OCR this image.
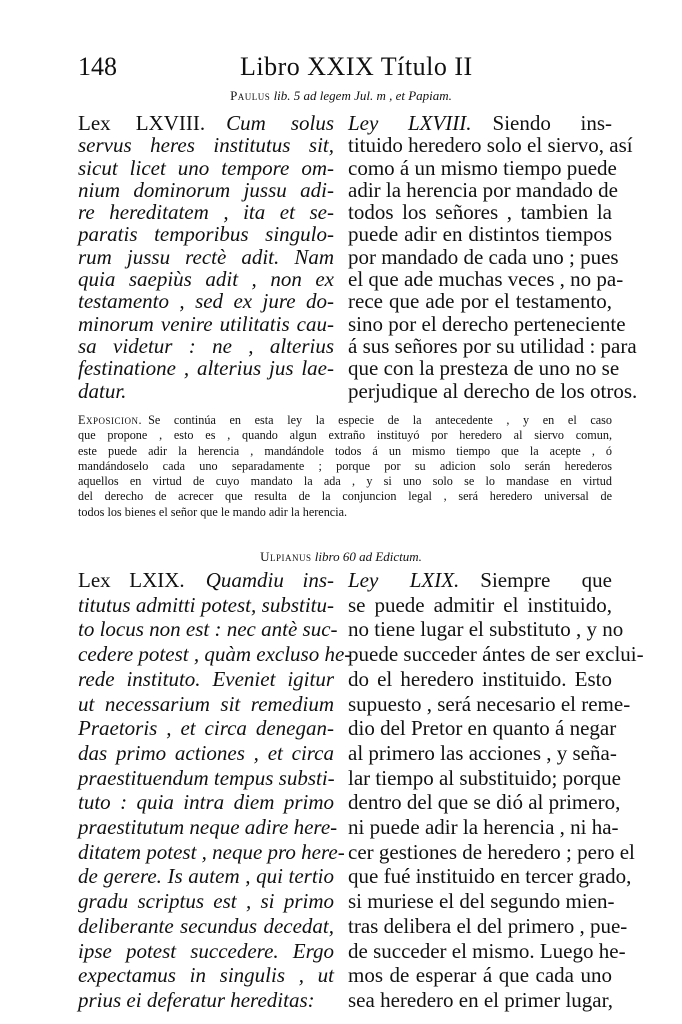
148	Libro XXIX Título II
Paulus lib. 5 ad legem Jul. m , et Papiam.
Lex LXVIII.  Cum solus
servus heres institutus sit,
sicut licet uno tempore om-
nium dominorum jussu adi-
re hereditatem , ita et se-
paratis temporibus singulo-
rum jussu rectè adit. Nam
quia saepiùs adit , non ex
testamento , sed ex jure do-
minorum venire utilitatis cau-
sa videtur : ne , alterius
festinatione , alterius jus lae-
datur.
Ley LXVIII.  Siendo ins-
tituido heredero solo el siervo, así
como á un mismo tiempo puede
adir la herencia por mandado de
todos los señores , tambien la
puede adir en distintos tiempos
por mandado de cada uno ; pues
el que ade muchas veces , no pa-
rece que ade por el testamento,
sino por el derecho perteneciente
á sus señores por su utilidad : para
que con la presteza de uno no se
perjudique al derecho de los otros.
Exposicion.  Se continúa en esta ley la especie de la antecedente , y en el caso
que propone , esto es , quando algun extraño instituyó por heredero al siervo comun,
este puede adir la herencia , mandándole todos á un mismo tiempo que la acepte , ó
mandándoselo cada uno separadamente ; porque por su adicion solo serán herederos
aquellos en virtud de cuyo mandato la ada , y si uno solo se lo mandase en virtud
del derecho de acrecer que resulta de la conjuncion legal , será heredero universal de
todos los bienes el señor que le mando adir la herencia.
Ulpianus libro 60 ad Edictum.
Lex LXIX.  Quamdiu ins-
titutus admitti potest, substitu-
to locus non est : nec antè suc-
cedere potest , quàm excluso he-
rede instituto. Eveniet igitur
ut necessarium sit remedium
Praetoris , et circa denegan-
das primo actiones , et circa
praestituendum tempus substi-
tuto : quia intra diem primo
praestitutum neque adire here-
ditatem potest , neque pro here-
de gerere. Is autem , qui tertio
gradu scriptus est , si primo
deliberante secundus decedat,
ipse potest succedere. Ergo
expectamus in singulis , ut
prius ei deferatur hereditas:
Ley LXIX.  Siempre que
se puede admitir el instituido,
no tiene lugar el substituto , y no
puede succeder ántes de ser exclui-
do el heredero instituido. Esto
supuesto , será necesario el reme-
dio del Pretor en quanto á negar
al primero las acciones , y seña-
lar tiempo al substituido; porque
dentro del que se dió al primero,
ni puede adir la herencia , ni ha-
cer gestiones de heredero ; pero el
que fué instituido en tercer grado,
si muriese el del segundo mien-
tras delibera el del primero , pue-
de succeder el mismo. Luego he-
mos de esperar á que cada uno
sea heredero en el primer lugar,
